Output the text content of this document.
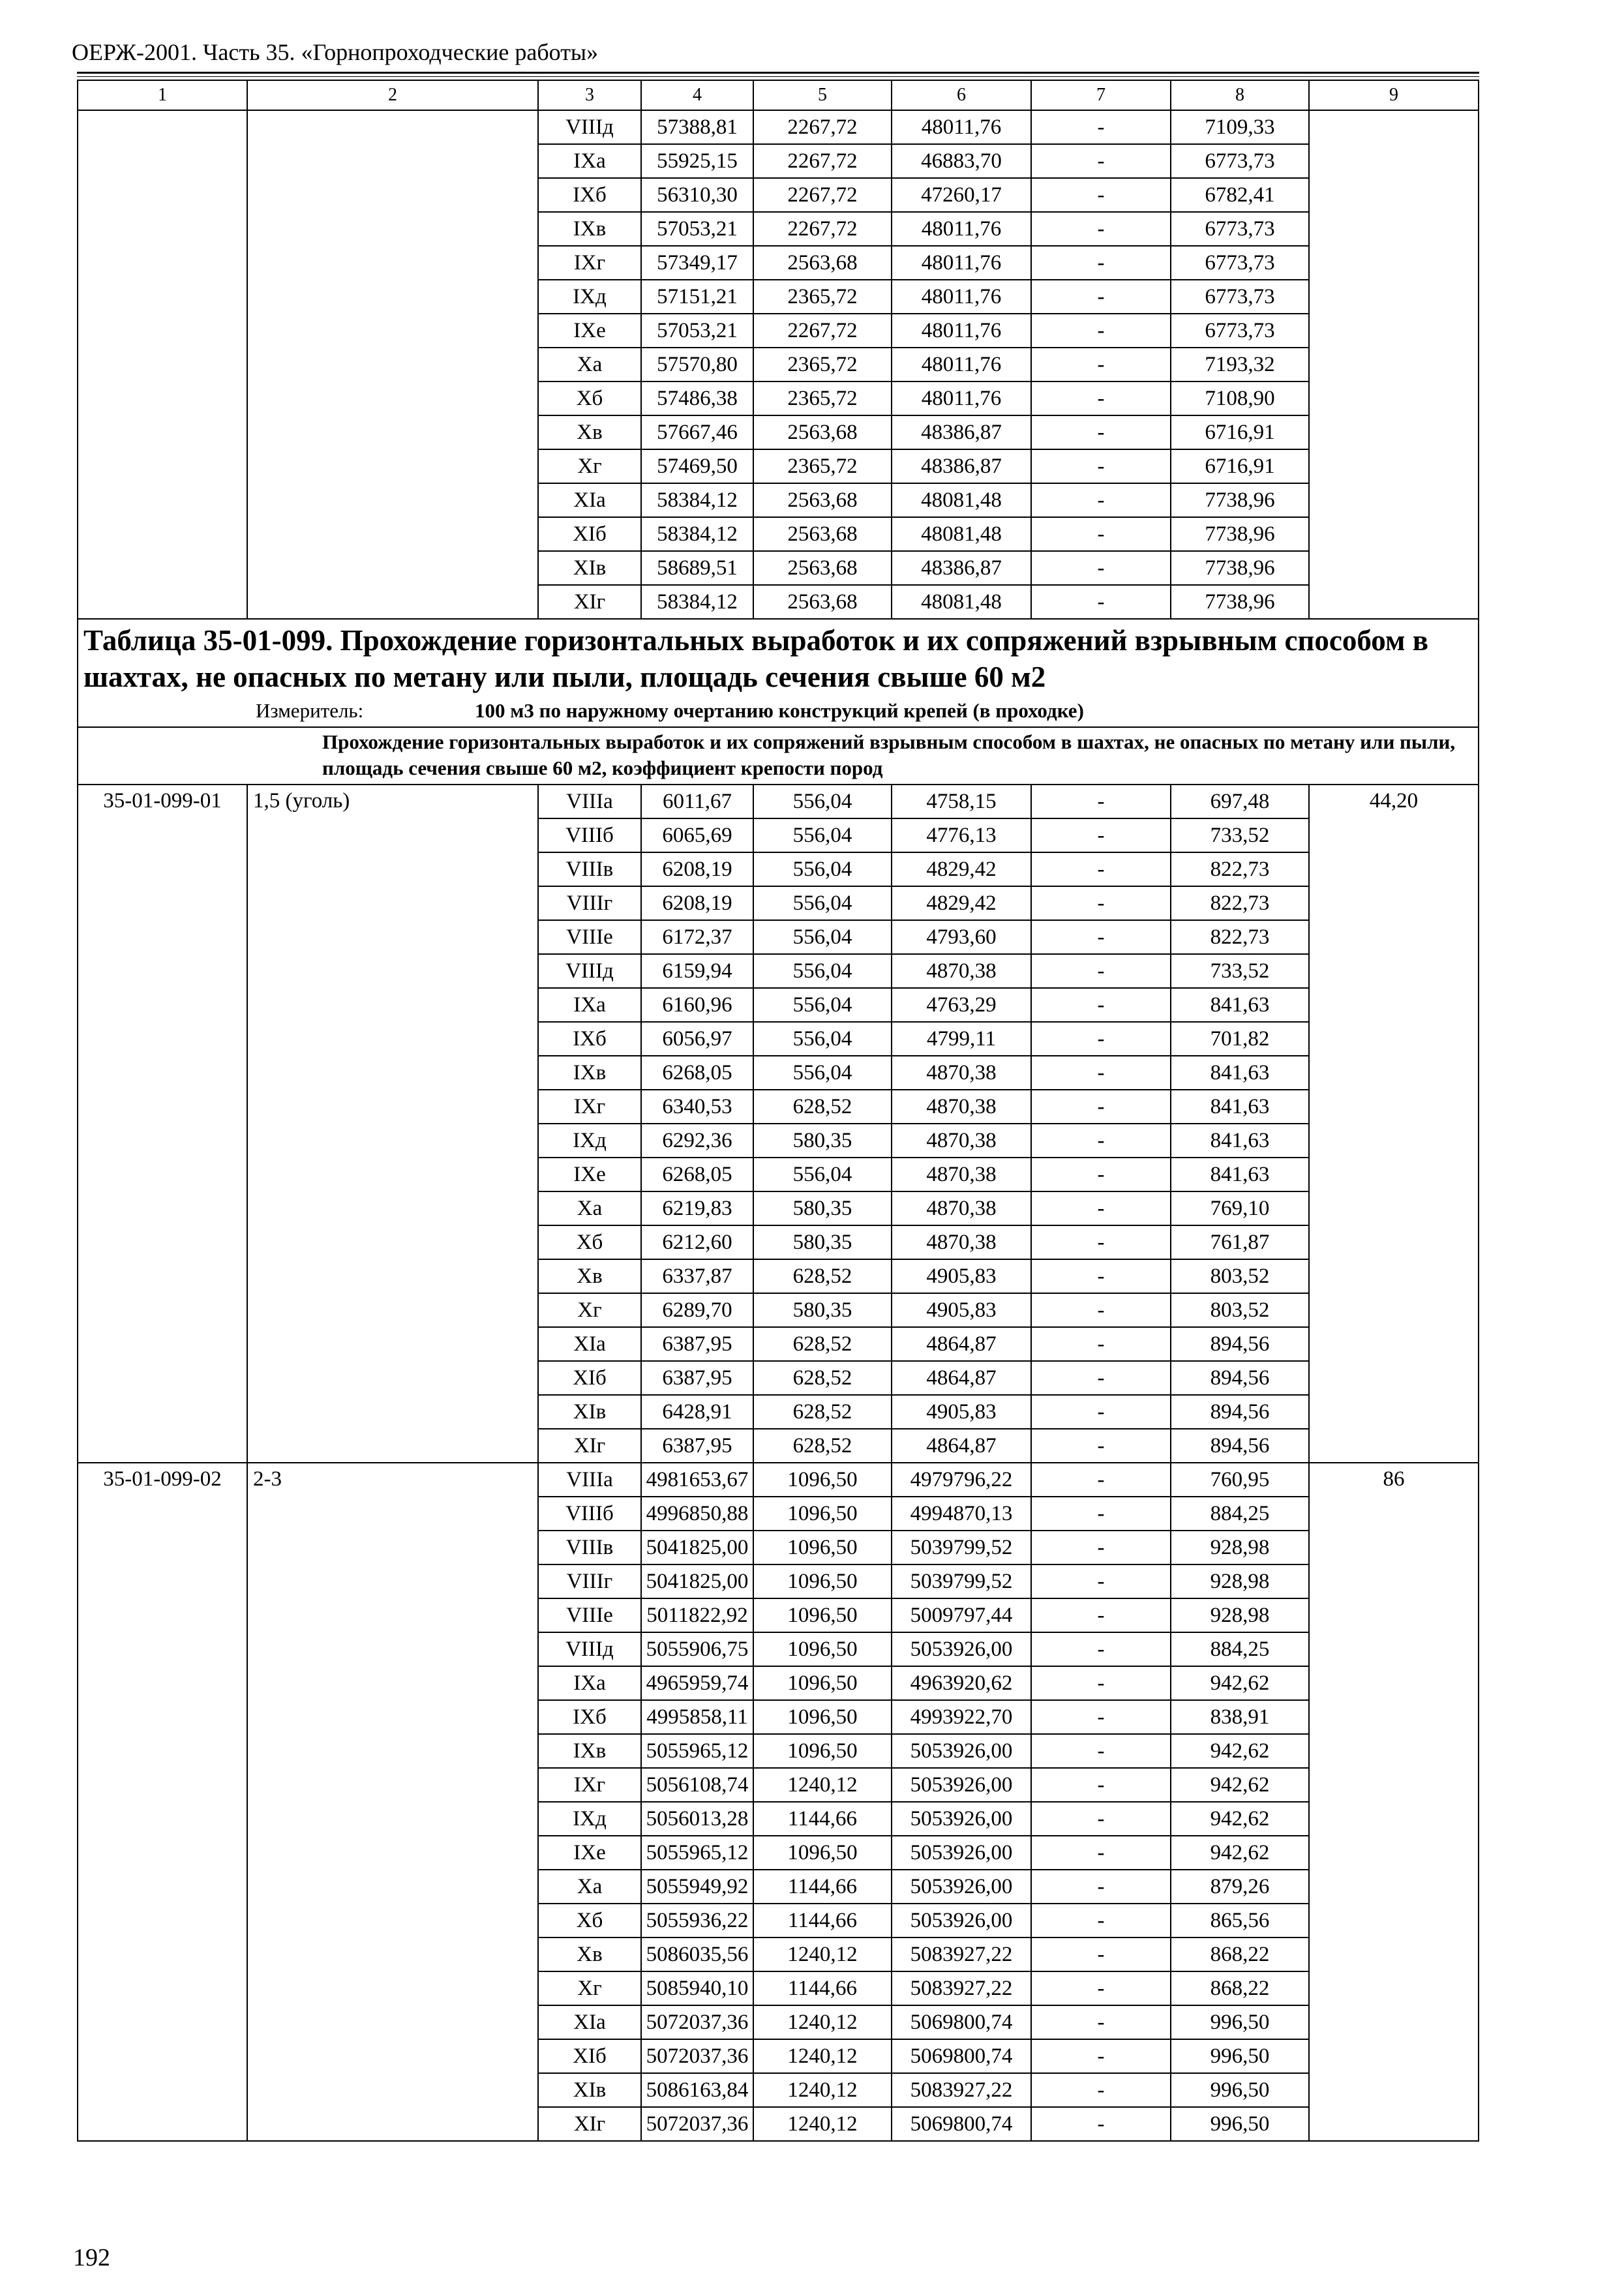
ОЕРЖ-2001. Часть 35. «Горнопроходческие работы»
1	2	3	4	5	6	7	8	9
		VIIIд	57388,81	2267,72	48011,76	-	7109,33	
		IXа	55925,15	2267,72	46883,70	-	6773,73	
		IXб	56310,30	2267,72	47260,17	-	6782,41	
		IXв	57053,21	2267,72	48011,76	-	6773,73	
		IXг	57349,17	2563,68	48011,76	-	6773,73	
		IXд	57151,21	2365,72	48011,76	-	6773,73	
		IXе	57053,21	2267,72	48011,76	-	6773,73	
		Xа	57570,80	2365,72	48011,76	-	7193,32	
		Xб	57486,38	2365,72	48011,76	-	7108,90	
		Xв	57667,46	2563,68	48386,87	-	6716,91	
		Xг	57469,50	2365,72	48386,87	-	6716,91	
		XIа	58384,12	2563,68	48081,48	-	7738,96	
		XIб	58384,12	2563,68	48081,48	-	7738,96	
		XIв	58689,51	2563,68	48386,87	-	7738,96	
		XIг	58384,12	2563,68	48081,48	-	7738,96	

Таблица 35-01-099. Прохождение горизонтальных выработок и их сопряжений взрывным способом в шахтах, не опасных по метану или пыли, площадь сечения свыше 60 м2
Измеритель: 100 м3 по наружному очертанию конструкций крепей (в проходке)								

Прохождение горизонтальных выработок и их сопряжений взрывным способом в шахтах, не опасных по метану или пыли, площадь сечения свыше 60 м2, коэффициент крепости пород								
35-01-099-01	1,5 (уголь)	VIIIа	6011,67	556,04	4758,15	-	697,48	44,20
		VIIIб	6065,69	556,04	4776,13	-	733,52	
		VIIIв	6208,19	556,04	4829,42	-	822,73	
		VIIIг	6208,19	556,04	4829,42	-	822,73	
		VIIIе	6172,37	556,04	4793,60	-	822,73	
		VIIIд	6159,94	556,04	4870,38	-	733,52	
		IXа	6160,96	556,04	4763,29	-	841,63	
		IXб	6056,97	556,04	4799,11	-	701,82	
		IXв	6268,05	556,04	4870,38	-	841,63	
		IXг	6340,53	628,52	4870,38	-	841,63	
		IXд	6292,36	580,35	4870,38	-	841,63	
		IXе	6268,05	556,04	4870,38	-	841,63	
		Xа	6219,83	580,35	4870,38	-	769,10	
		Xб	6212,60	580,35	4870,38	-	761,87	
		Xв	6337,87	628,52	4905,83	-	803,52	
		Xг	6289,70	580,35	4905,83	-	803,52	
		XIа	6387,95	628,52	4864,87	-	894,56	
		XIб	6387,95	628,52	4864,87	-	894,56	
		XIв	6428,91	628,52	4905,83	-	894,56	
		XIг	6387,95	628,52	4864,87	-	894,56	
35-01-099-02	2-3	VIIIа	4981653,67	1096,50	4979796,22	-	760,95	86
		VIIIб	4996850,88	1096,50	4994870,13	-	884,25	
		VIIIв	5041825,00	1096,50	5039799,52	-	928,98	
		VIIIг	5041825,00	1096,50	5039799,52	-	928,98	
		VIIIе	5011822,92	1096,50	5009797,44	-	928,98	
		VIIIд	5055906,75	1096,50	5053926,00	-	884,25	
		IXа	4965959,74	1096,50	4963920,62	-	942,62	
		IXб	4995858,11	1096,50	4993922,70	-	838,91	
		IXв	5055965,12	1096,50	5053926,00	-	942,62	
		IXг	5056108,74	1240,12	5053926,00	-	942,62	
		IXд	5056013,28	1144,66	5053926,00	-	942,62	
		IXе	5055965,12	1096,50	5053926,00	-	942,62	
		Xа	5055949,92	1144,66	5053926,00	-	879,26	
		Xб	5055936,22	1144,66	5053926,00	-	865,56	
		Xв	5086035,56	1240,12	5083927,22	-	868,22	
		Xг	5085940,10	1144,66	5083927,22	-	868,22	
		XIа	5072037,36	1240,12	5069800,74	-	996,50	
		XIб	5072037,36	1240,12	5069800,74	-	996,50	
		XIв	5086163,84	1240,12	5083927,22	-	996,50	
		XIг	5072037,36	1240,12	5069800,74	-	996,50	
192
